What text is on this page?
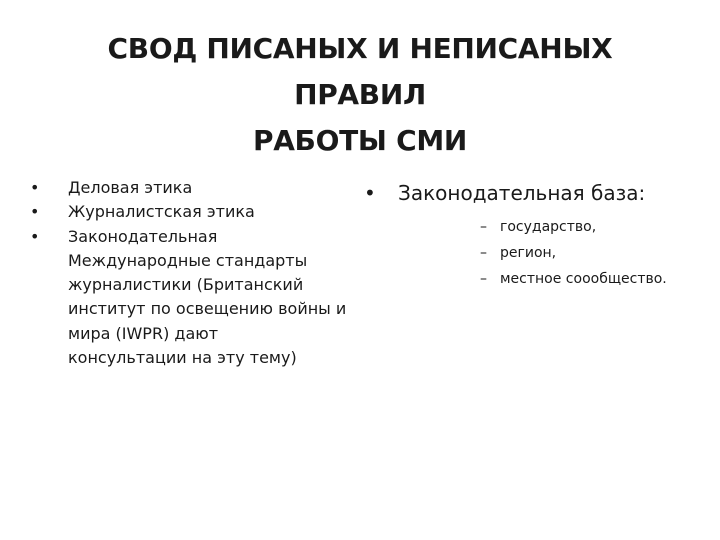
СВОД ПИСАНЫХ И НЕПИСАНЫХ ПРАВИЛ
РАБОТЫ СМИ
•	Деловая этика
•	Журналистская этика
•	Законодательная
Международные стандарты
журналистики (Британский
институт по освещению войны и
мира (IWPR) дают
консультации на эту тему)
• Законодательная база:
– государство,
– регион,
– местное соообщество.
